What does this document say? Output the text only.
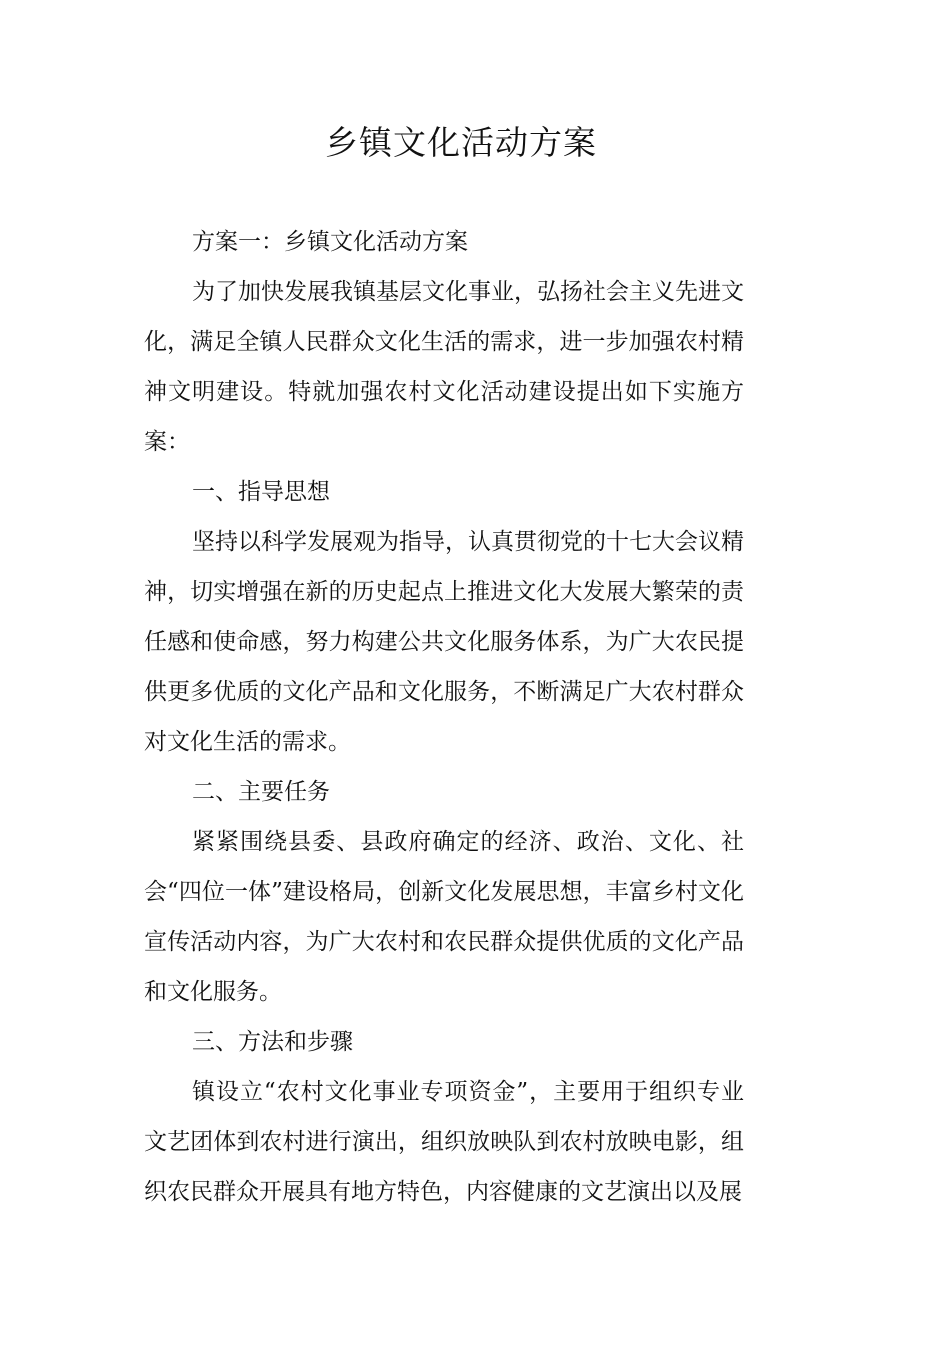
乡镇文化活动方案

方案一：乡镇文化活动方案

为了加快发展我镇基层文化事业，弘扬社会主义先进文化，满足全镇人民群众文化生活的需求，进一步加强农村精神文明建设。特就加强农村文化活动建设提出如下实施方案：

一、指导思想

坚持以科学发展观为指导，认真贯彻党的十七大会议精神，切实增强在新的历史起点上推进文化大发展大繁荣的责任感和使命感，努力构建公共文化服务体系，为广大农民提供更多优质的文化产品和文化服务，不断满足广大农村群众对文化生活的需求。

二、主要任务

紧紧围绕县委、县政府确定的经济、政治、文化、社会“四位一体”建设格局，创新文化发展思想，丰富乡村文化宣传活动内容，为广大农村和农民群众提供优质的文化产品和文化服务。

三、方法和步骤

镇设立“农村文化事业专项资金”，主要用于组织专业文艺团体到农村进行演出，组织放映队到农村放映电影，组织农民群众开展具有地方特色，内容健康的文艺演出以及展
